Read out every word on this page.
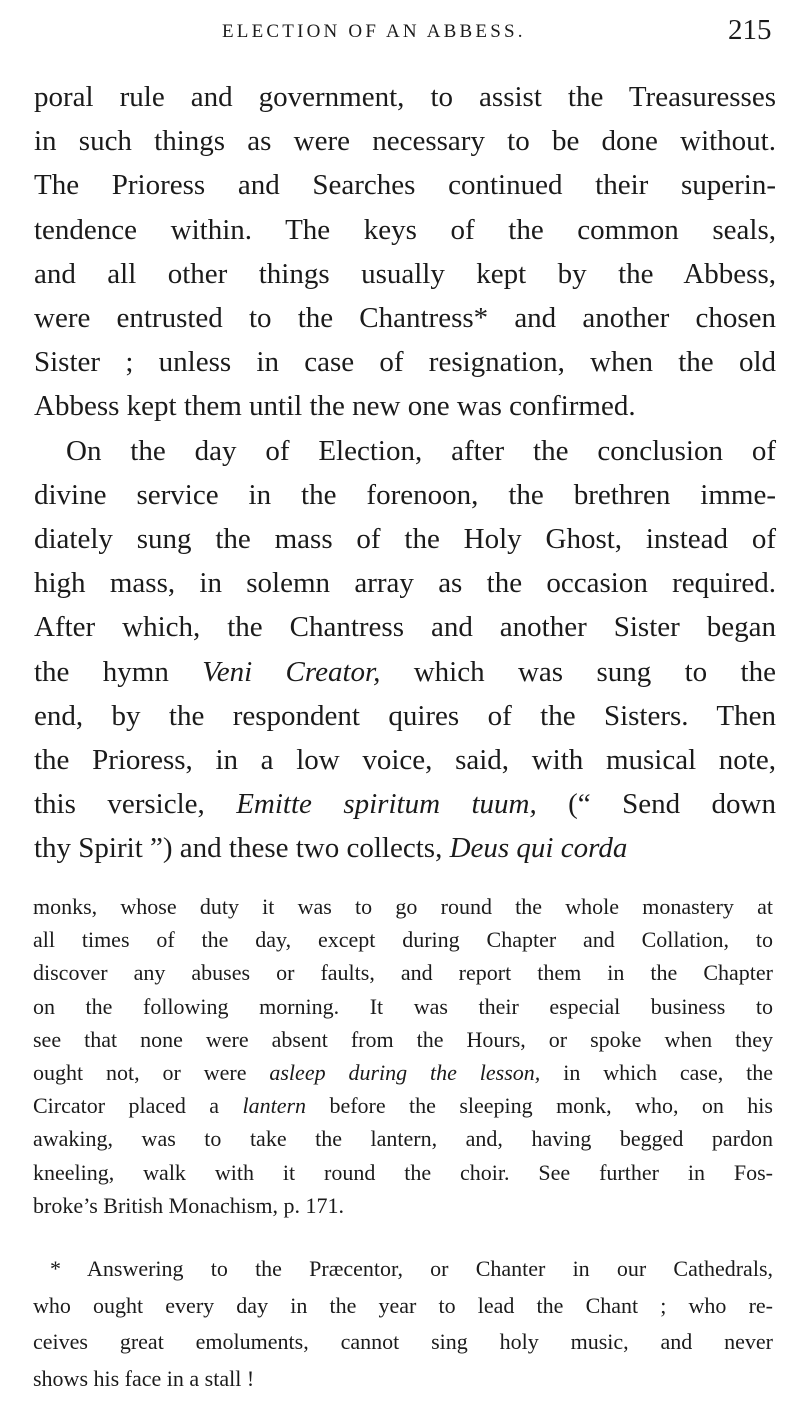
ELECTION OF AN ABBESS.	215
poral rule and government, to assist the Treasuresses
in such things as were necessary to be done without.
The Prioress and Searches continued their superin-
tendence within. The keys of the common seals,
and all other things usually kept by the Abbess,
were entrusted to the Chantress* and another chosen
Sister ; unless in case of resignation, when the old
Abbess kept them until the new one was confirmed.
On the day of Election, after the conclusion of
divine service in the forenoon, the brethren imme-
diately sung the mass of the Holy Ghost, instead of
high mass, in solemn array as the occasion required.
After which, the Chantress and another Sister began
the hymn Veni Creator, which was sung to the
end, by the respondent quires of the Sisters. Then
the Prioress, in a low voice, said, with musical note,
this versicle, Emitte spiritum tuum, (“ Send down
thy Spirit ”) and these two collects, Deus qui corda
monks, whose duty it was to go round the whole monastery at
all times of the day, except during Chapter and Collation, to
discover any abuses or faults, and report them in the Chapter
on the following morning. It was their especial business to
see that none were absent from the Hours, or spoke when they
ought not, or were asleep during the lesson, in which case, the
Circator placed a lantern before the sleeping monk, who, on his
awaking, was to take the lantern, and, having begged pardon
kneeling, walk with it round the choir. See further in Fos-
broke’s British Monachism, p. 171.
* Answering to the Præcentor, or Chanter in our Cathedrals,
who ought every day in the year to lead the Chant ; who re-
ceives great emoluments, cannot sing holy music, and never
shows his face in a stall !
